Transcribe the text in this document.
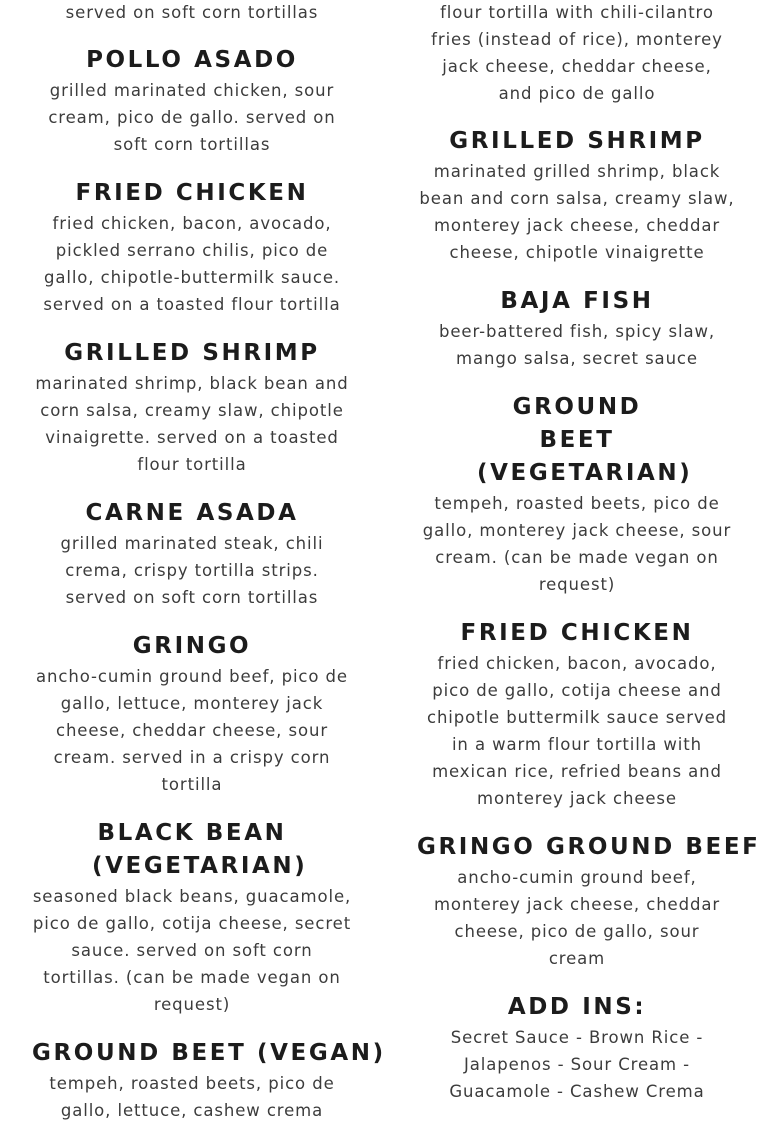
served on soft corn tortillas

POLLO ASADO

grilled marinated chicken, sour cream, pico de gallo. served on soft corn tortillas

FRIED CHICKEN

fried chicken, bacon, avocado, pickled serrano chilis, pico de gallo, chipotle-buttermilk sauce. served on a toasted flour tortilla

GRILLED SHRIMP

marinated shrimp, black bean and corn salsa, creamy slaw, chipotle vinaigrette. served on a toasted flour tortilla

CARNE ASADA

grilled marinated steak, chili crema, crispy tortilla strips. served on soft corn tortillas

GRINGO

ancho-cumin ground beef, pico de gallo, lettuce, monterey jack cheese, cheddar cheese, sour cream. served in a crispy corn tortilla

BLACK BEAN (VEGETARIAN)

seasoned black beans, guacamole, pico de gallo, cotija cheese, secret sauce. served on soft corn tortillas. (can be made vegan on request)

GROUND BEET (VEGAN)

tempeh, roasted beets, pico de gallo, lettuce, cashew crema

flour tortilla with chili-cilantro fries (instead of rice), monterey jack cheese, cheddar cheese, and pico de gallo

GRILLED SHRIMP

marinated grilled shrimp, black bean and corn salsa, creamy slaw, monterey jack cheese, cheddar cheese, chipotle vinaigrette

BAJA FISH

beer-battered fish, spicy slaw, mango salsa, secret sauce

GROUND BEET (VEGETARIAN)

tempeh, roasted beets, pico de gallo, monterey jack cheese, sour cream. (can be made vegan on request)

FRIED CHICKEN

fried chicken, bacon, avocado, pico de gallo, cotija cheese and chipotle buttermilk sauce served in a warm flour tortilla with mexican rice, refried beans and monterey jack cheese

GRINGO GROUND BEEF

ancho-cumin ground beef, monterey jack cheese, cheddar cheese, pico de gallo, sour cream

ADD INS:

Secret Sauce - Brown Rice - Jalapenos - Sour Cream - Guacamole - Cashew Crema
